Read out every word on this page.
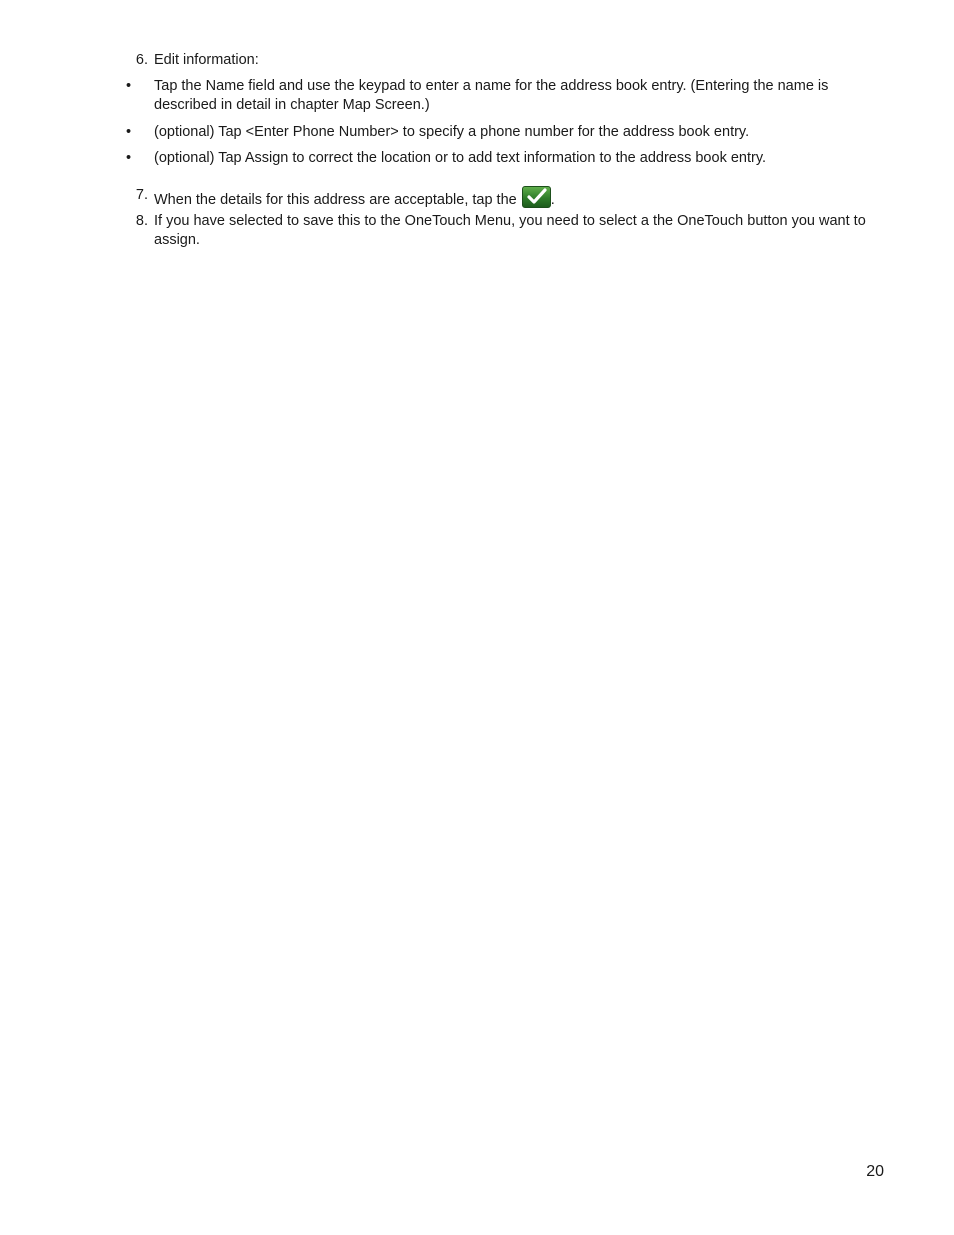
6. Edit information:
•	Tap the Name field and use the keypad to enter a name for the address book entry. (Entering the name is described in detail in chapter Map Screen.)
•	(optional) Tap <Enter Phone Number> to specify a phone number for the address book entry.
•	(optional) Tap Assign to correct the location or to add text information to the address book entry.
7. When the details for this address are acceptable, tap the .
8. If you have selected to save this to the OneTouch Menu, you need to select a the OneTouch button you want to assign.
20
